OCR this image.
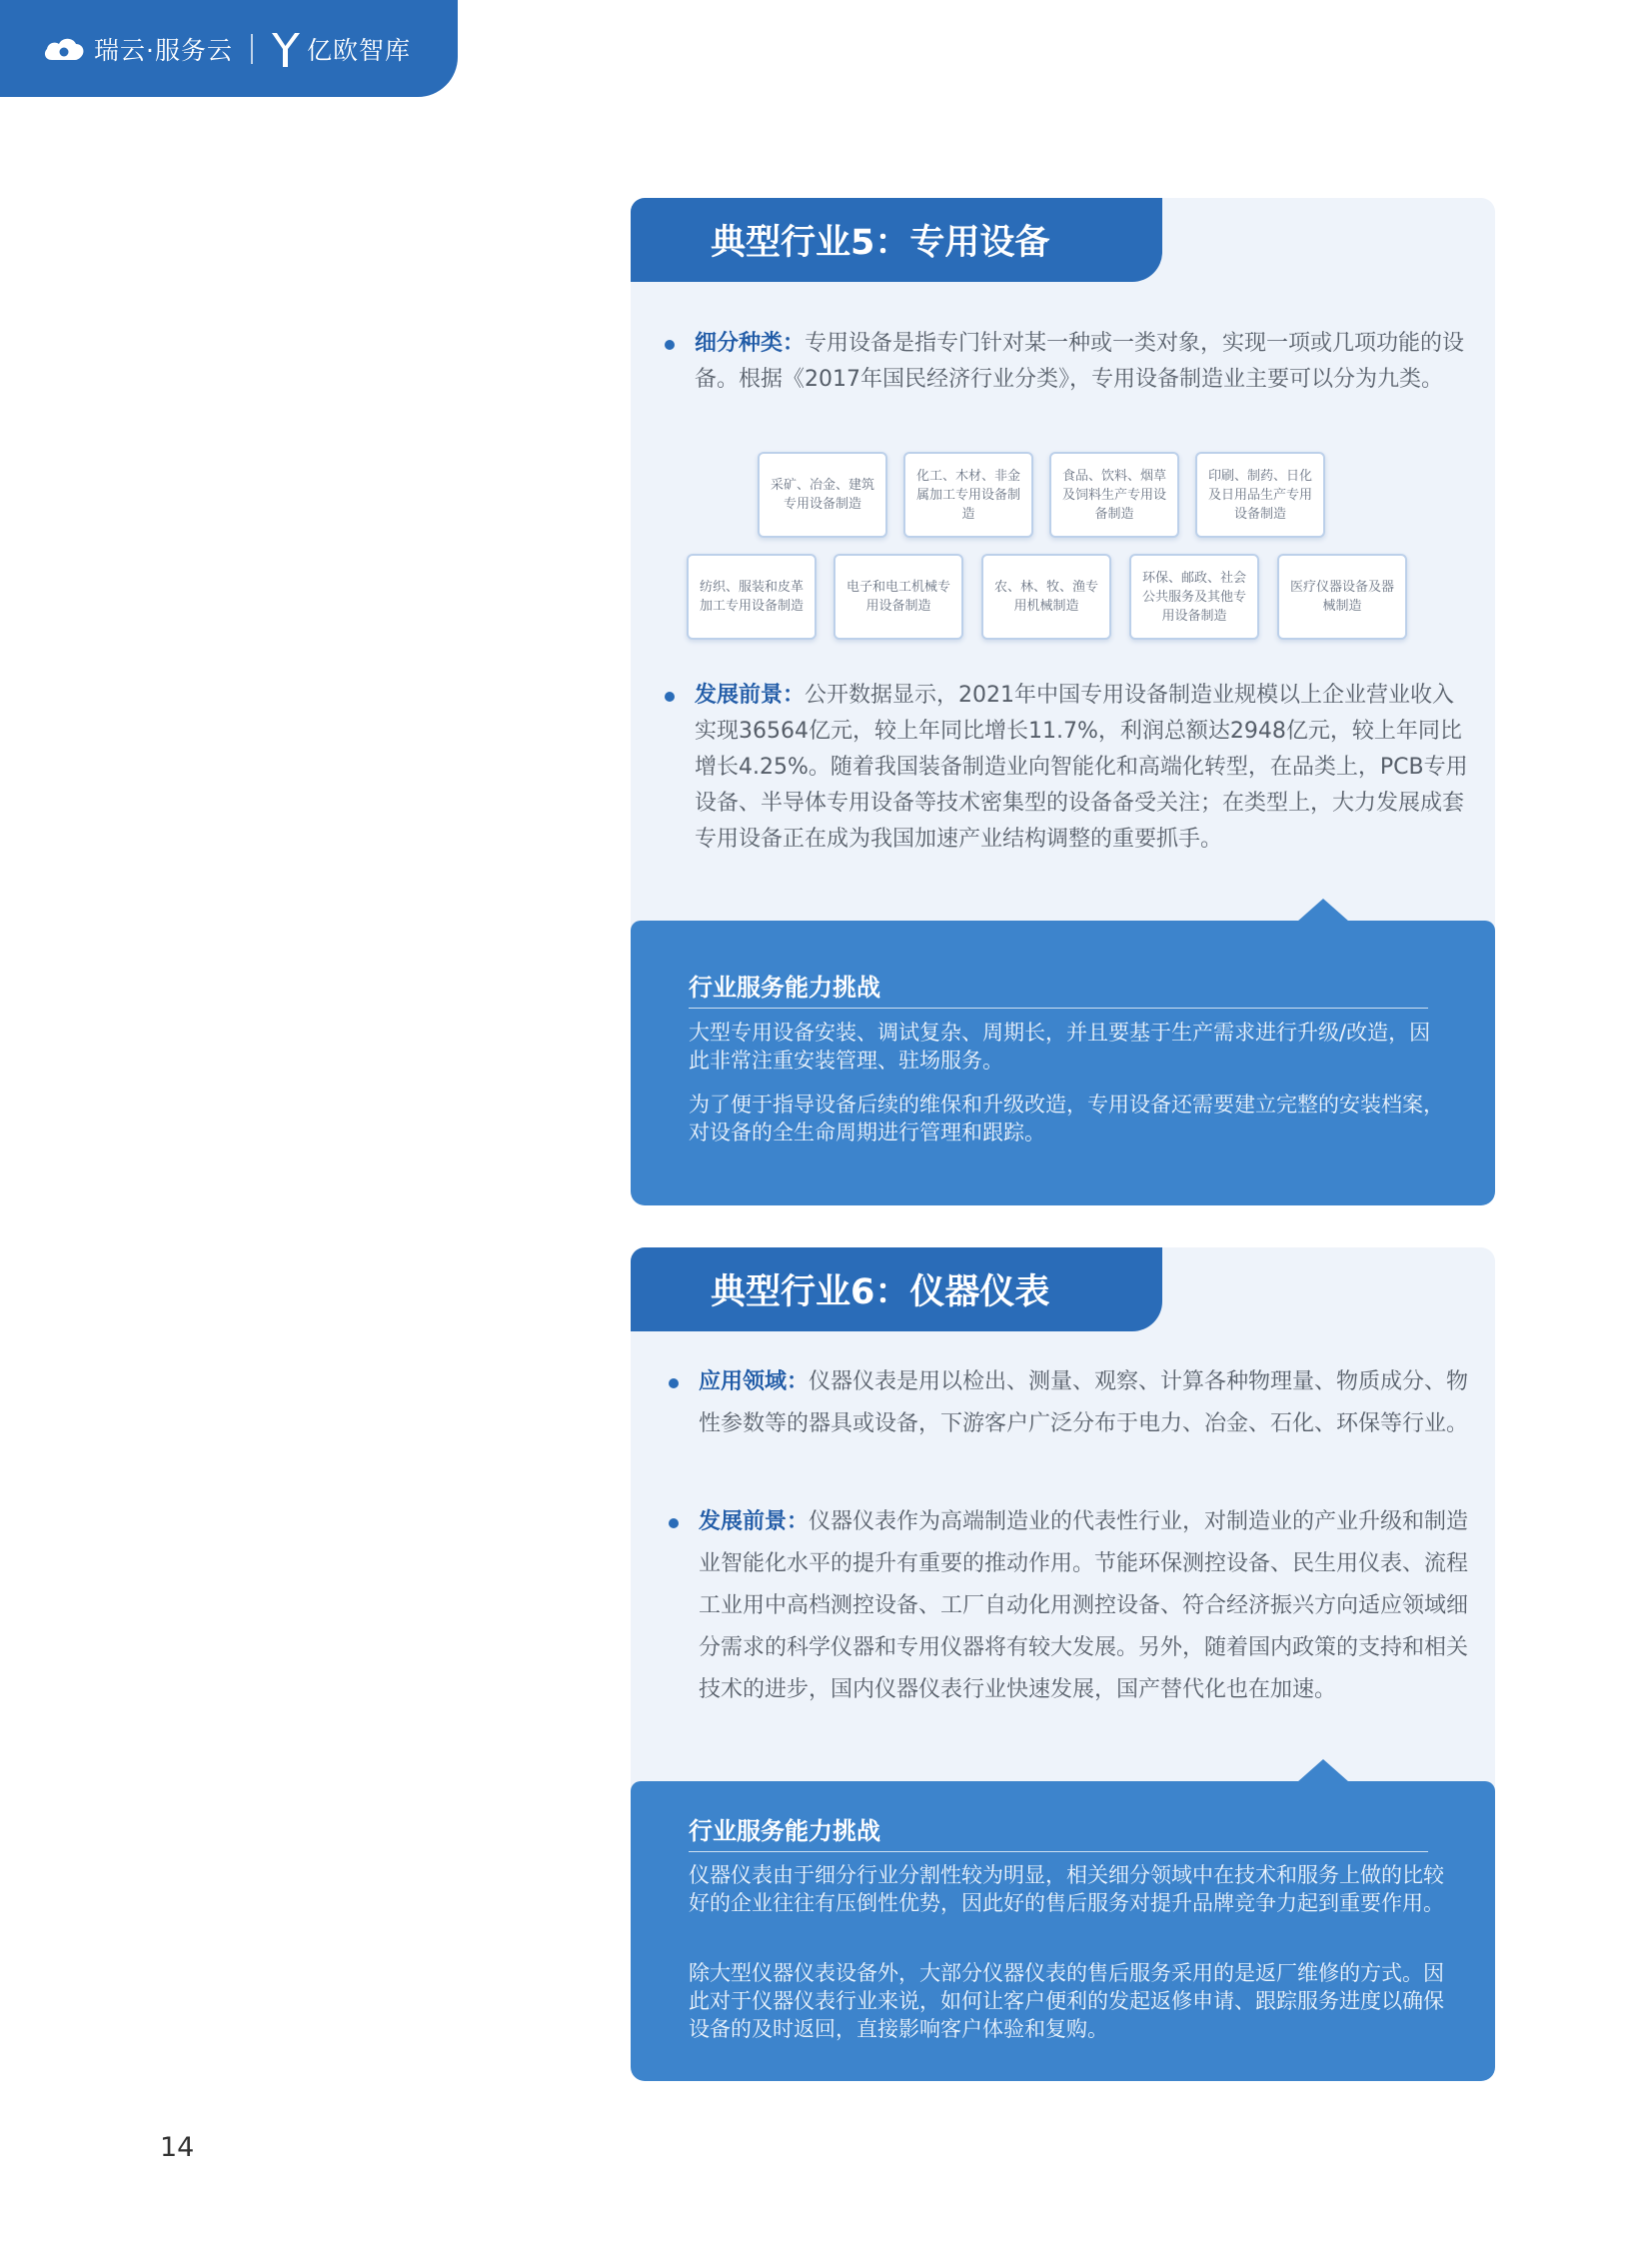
瑞云·服务云	亿欧智库
典型行业5：专用设备
细分种类：专用设备是指专门针对某一种或一类对象，实现一项或几项功能的设备。根据《2017年国民经济行业分类》，专用设备制造业主要可以分为九类。
采矿、冶金、建筑专用设备制造
化工、木材、非金属加工专用设备制造
食品、饮料、烟草及饲料生产专用设备制造
印刷、制药、日化及日用品生产专用设备制造
纺织、服装和皮革加工专用设备制造
电子和电工机械专用设备制造
农、林、牧、渔专用机械制造
环保、邮政、社会公共服务及其他专用设备制造
医疗仪器设备及器械制造
发展前景：公开数据显示，2021年中国专用设备制造业规模以上企业营业收入实现36564亿元，较上年同比增长11.7%，利润总额达2948亿元，较上年同比增长4.25%。随着我国装备制造业向智能化和高端化转型，在品类上，PCB专用设备、半导体专用设备等技术密集型的设备备受关注；在类型上，大力发展成套专用设备正在成为我国加速产业结构调整的重要抓手。
行业服务能力挑战
大型专用设备安装、调试复杂、周期长，并且要基于生产需求进行升级/改造，因此非常注重安装管理、驻场服务。
为了便于指导设备后续的维保和升级改造，专用设备还需要建立完整的安装档案，对设备的全生命周期进行管理和跟踪。
典型行业6：仪器仪表
应用领域：仪器仪表是用以检出、测量、观察、计算各种物理量、物质成分、物性参数等的器具或设备，下游客户广泛分布于电力、冶金、石化、环保等行业。
发展前景：仪器仪表作为高端制造业的代表性行业，对制造业的产业升级和制造业智能化水平的提升有重要的推动作用。节能环保测控设备、民生用仪表、流程工业用中高档测控设备、工厂自动化用测控设备、符合经济振兴方向适应领域细分需求的科学仪器和专用仪器将有较大发展。另外，随着国内政策的支持和相关技术的进步，国内仪器仪表行业快速发展，国产替代化也在加速。
行业服务能力挑战
仪器仪表由于细分行业分割性较为明显，相关细分领域中在技术和服务上做的比较好的企业往往有压倒性优势，因此好的售后服务对提升品牌竞争力起到重要作用。
除大型仪器仪表设备外，大部分仪器仪表的售后服务采用的是返厂维修的方式。因此对于仪器仪表行业来说，如何让客户便利的发起返修申请、跟踪服务进度以确保设备的及时返回，直接影响客户体验和复购。
14
